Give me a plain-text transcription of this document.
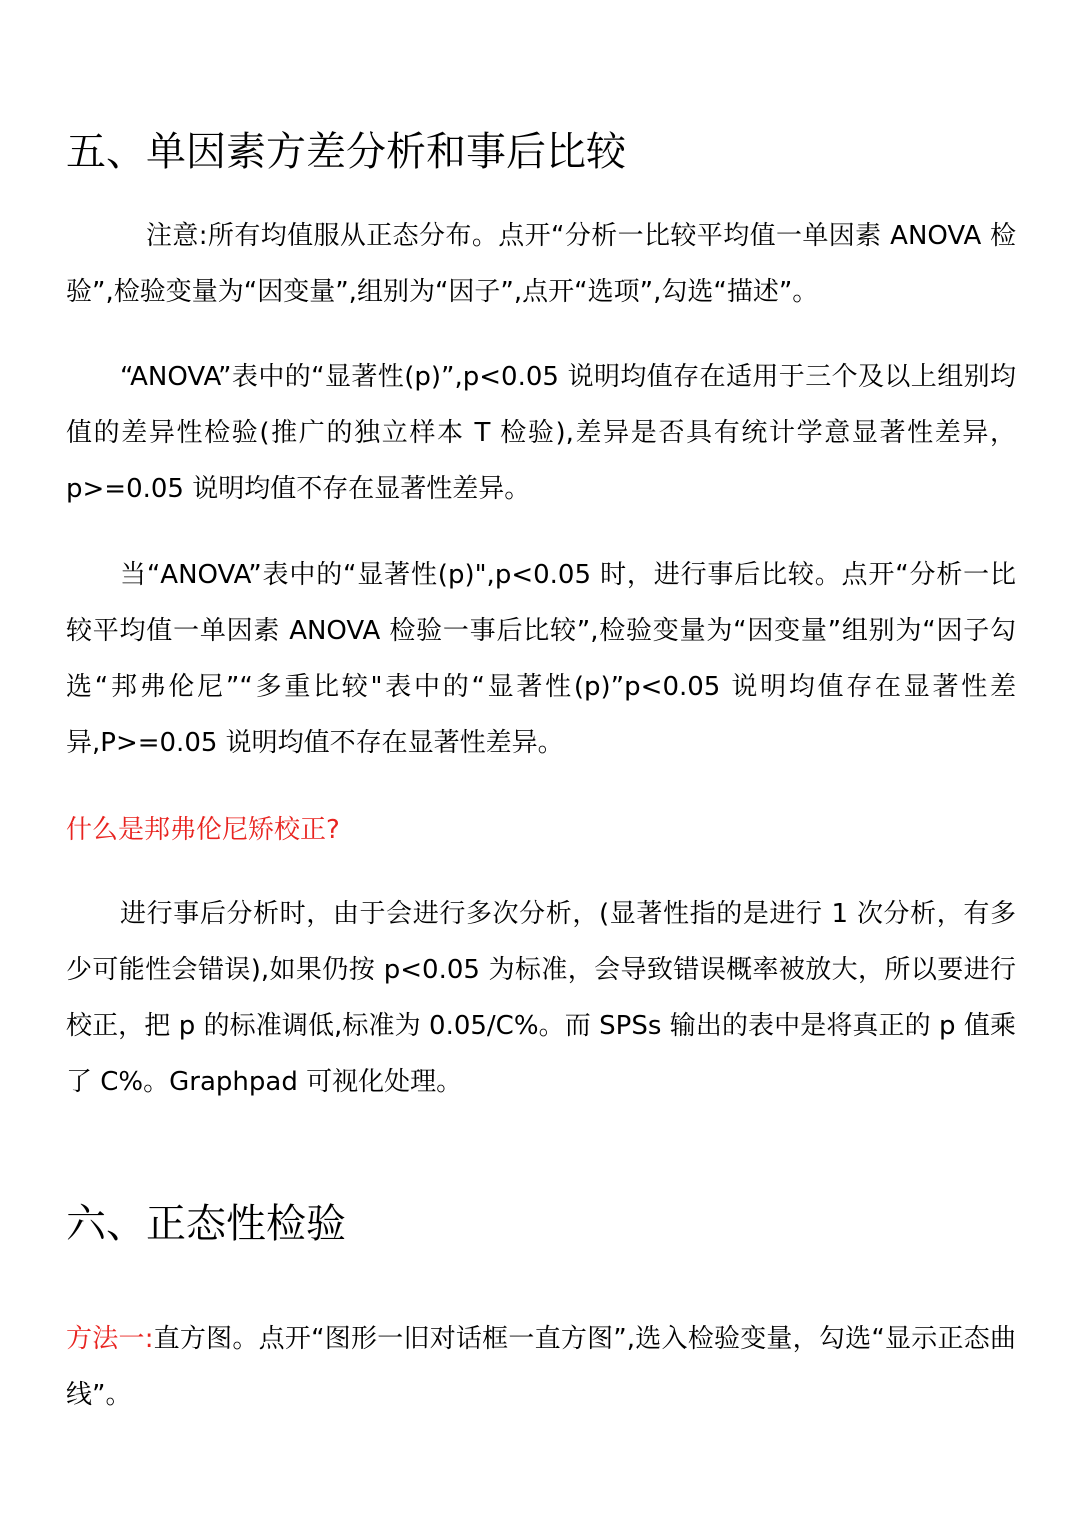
五、单因素方差分析和事后比较

注意:所有均值服从正态分布。点开“分析一比较平均值一单因素 ANOVA 检验”,检验变量为“因变量”,组别为“因子”,点开“选项”,勾选“描述”。

“ANOVA”表中的“显著性(p)”,p<0.05 说明均值存在适用于三个及以上组别均值的差异性检验(推广的独立样本 T 检验),差异是否具有统计学意显著性差异，p>=0.05 说明均值不存在显著性差异。

当“ANOVA”表中的“显著性(p)",p<0.05 时，进行事后比较。点开“分析一比较平均值一单因素 ANOVA 检验一事后比较”,检验变量为“因变量”组别为“因子勾选“邦弗伦尼”“多重比较"表中的“显著性(p)”p<0.05 说明均值存在显著性差异,P>=0.05 说明均值不存在显著性差异。

什么是邦弗伦尼矫校正?

进行事后分析时，由于会进行多次分析，(显著性指的是进行 1 次分析，有多少可能性会错误),如果仍按 p<0.05 为标准，会导致错误概率被放大，所以要进行校正，把 p 的标准调低,标准为 0.05/C%。而 SPSs 输出的表中是将真正的 p 值乘了 C%。Graphpad 可视化处理。

六、正态性检验

方法一:直方图。点开“图形一旧对话框一直方图”,选入检验变量，勾选“显示正态曲线”。
